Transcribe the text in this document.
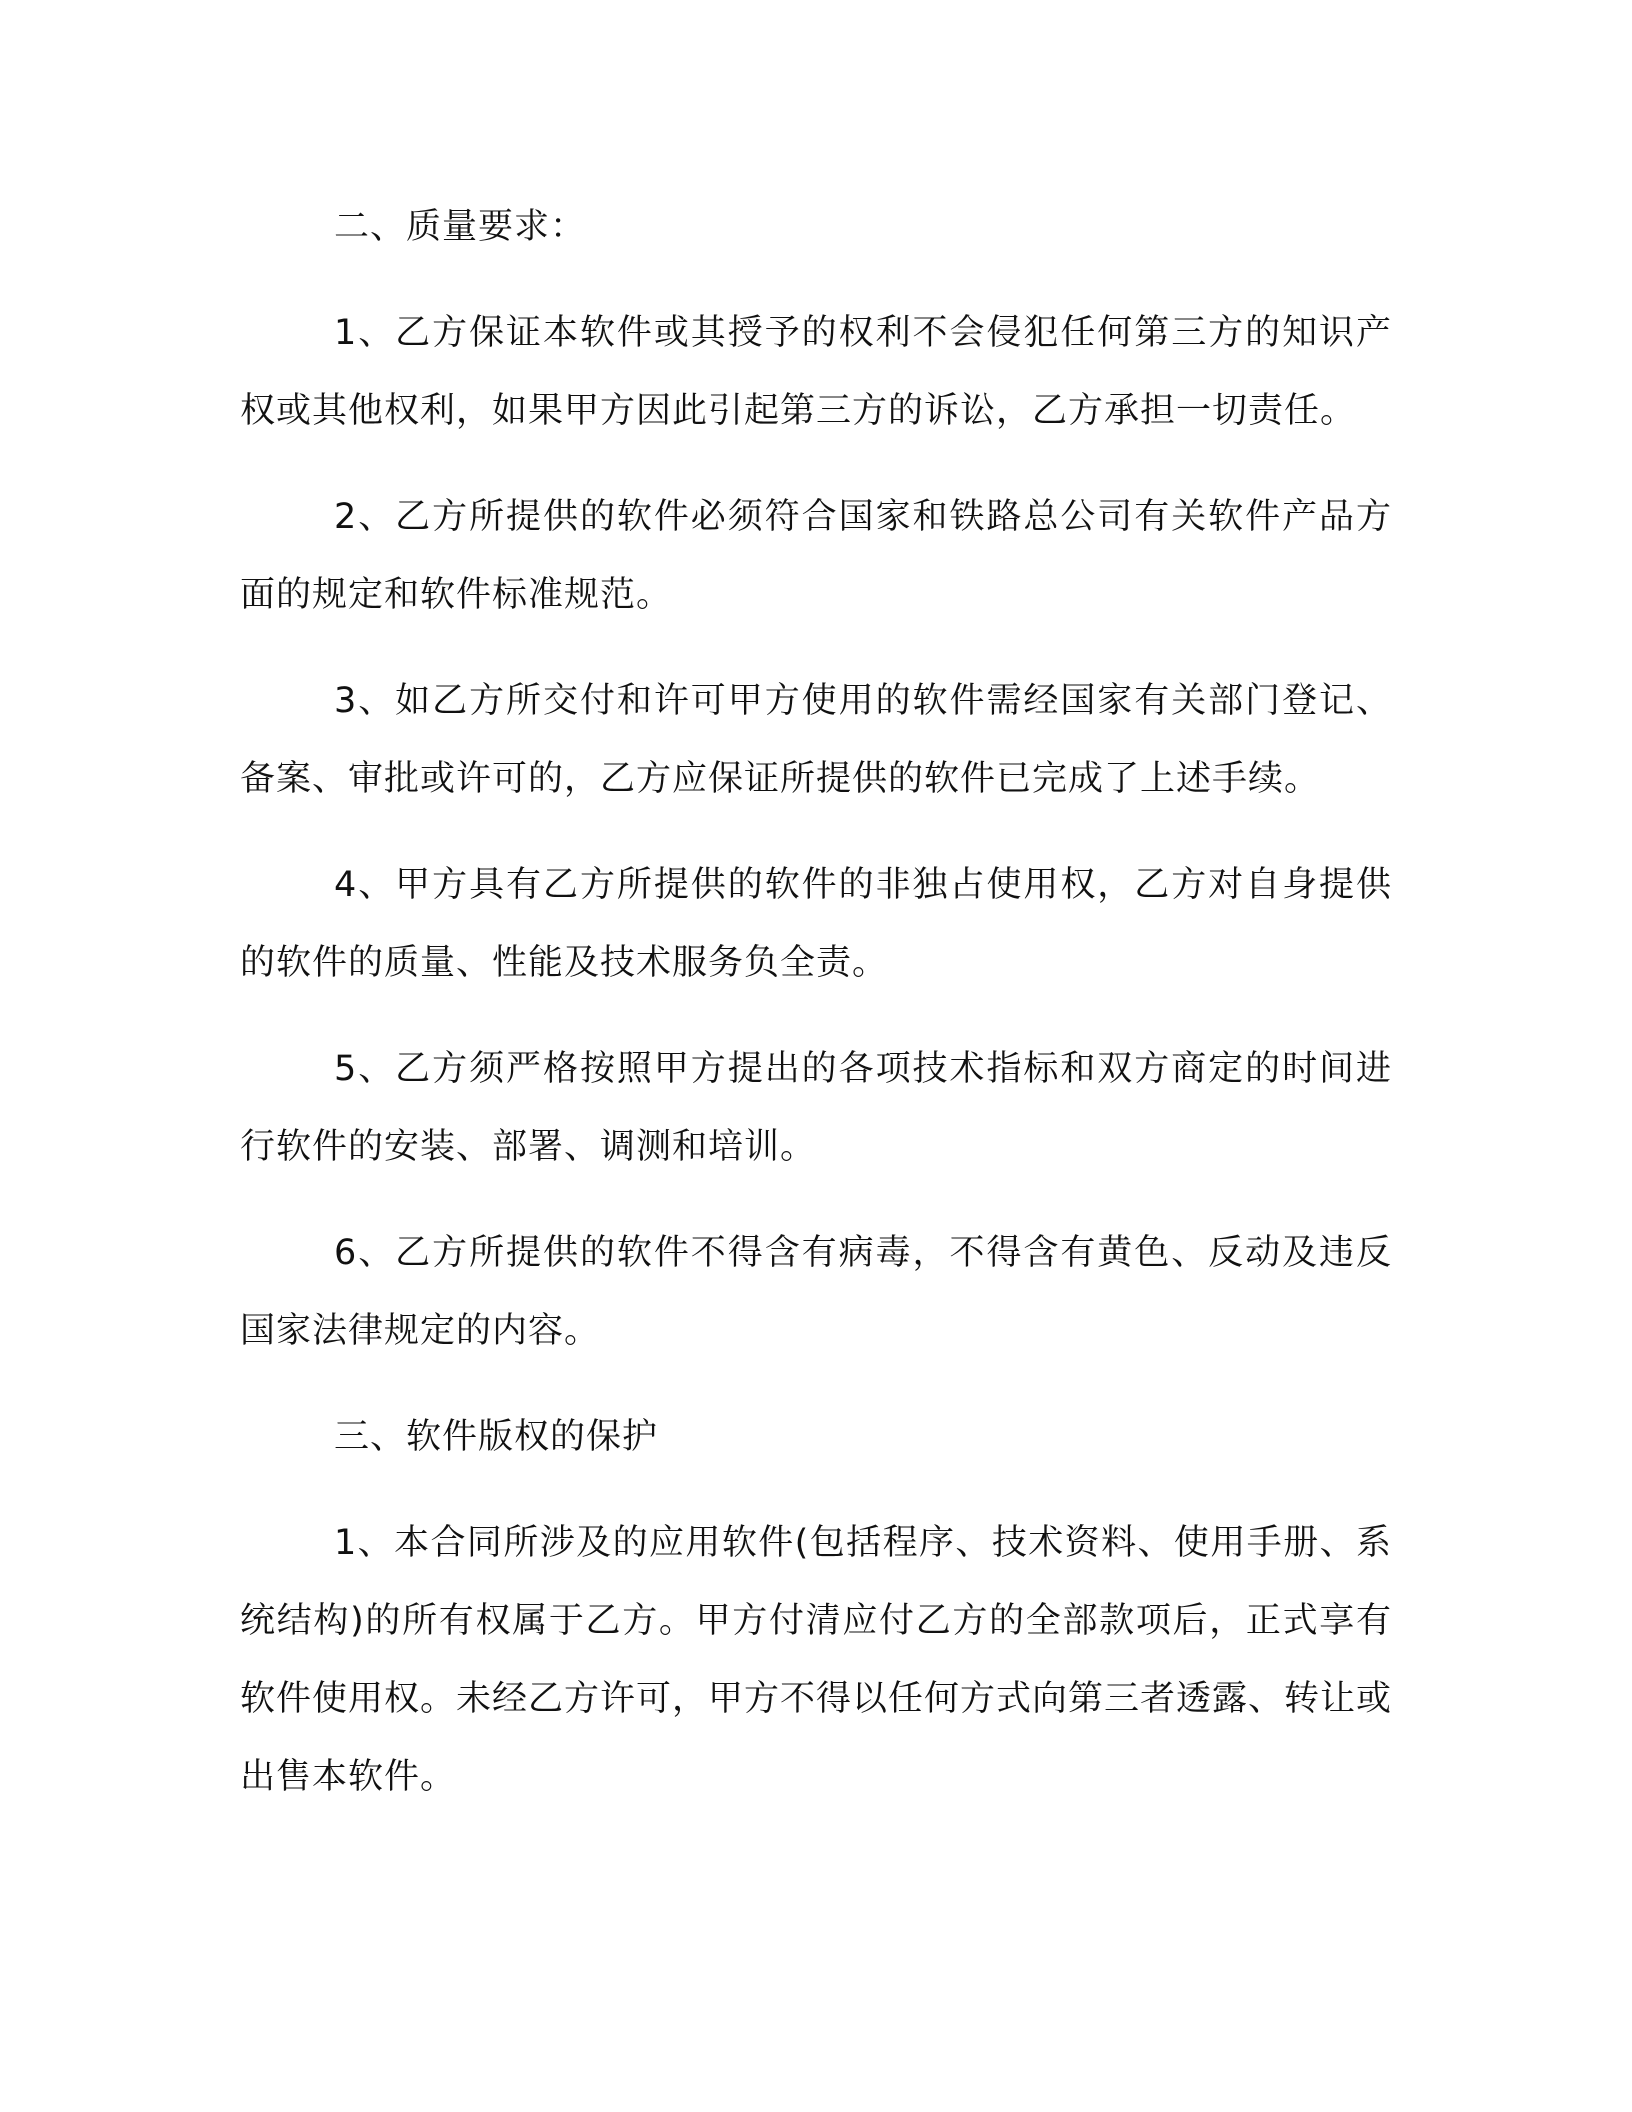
二、质量要求：

1、乙方保证本软件或其授予的权利不会侵犯任何第三方的知识产权或其他权利，如果甲方因此引起第三方的诉讼，乙方承担一切责任。

2、乙方所提供的软件必须符合国家和铁路总公司有关软件产品方面的规定和软件标准规范。

3、如乙方所交付和许可甲方使用的软件需经国家有关部门登记、备案、审批或许可的，乙方应保证所提供的软件已完成了上述手续。

4、甲方具有乙方所提供的软件的非独占使用权，乙方对自身提供的软件的质量、性能及技术服务负全责。

5、乙方须严格按照甲方提出的各项技术指标和双方商定的时间进行软件的安装、部署、调测和培训。

6、乙方所提供的软件不得含有病毒，不得含有黄色、反动及违反国家法律规定的内容。

三、软件版权的保护

1、本合同所涉及的应用软件(包括程序、技术资料、使用手册、系统结构)的所有权属于乙方。甲方付清应付乙方的全部款项后，正式享有软件使用权。未经乙方许可，甲方不得以任何方式向第三者透露、转让或出售本软件。
